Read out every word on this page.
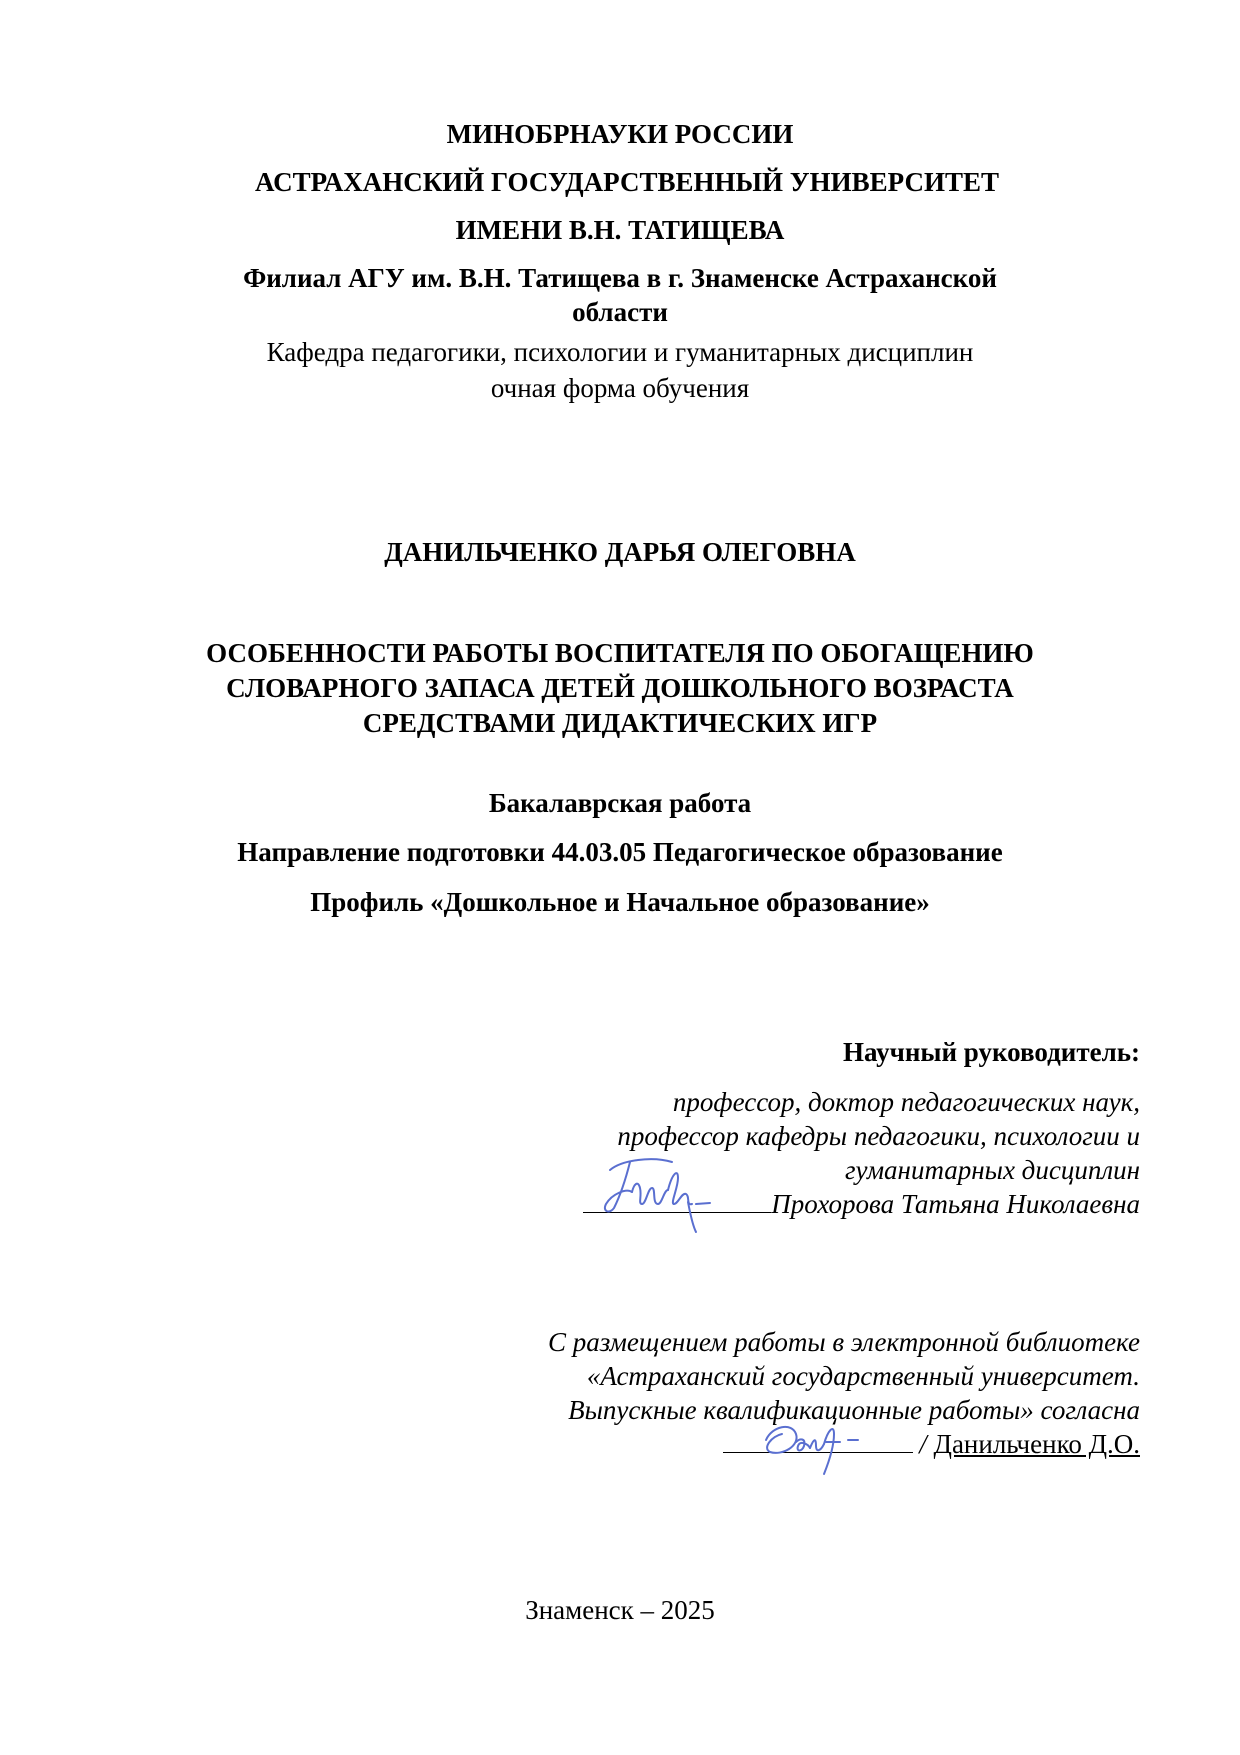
МИНОБРНАУКИ РОССИИ

АСТРАХАНСКИЙ ГОСУДАРСТВЕННЫЙ УНИВЕРСИТЕТ

ИМЕНИ В.Н. ТАТИЩЕВА

Филиал АГУ им. В.Н. Татищева в г. Знаменске Астраханской

области

Кафедра педагогики, психологии и гуманитарных дисциплин

очная форма обучения

ДАНИЛЬЧЕНКО ДАРЬЯ ОЛЕГОВНА

ОСОБЕННОСТИ РАБОТЫ ВОСПИТАТЕЛЯ ПО ОБОГАЩЕНИЮ

СЛОВАРНОГО ЗАПАСА ДЕТЕЙ ДОШКОЛЬНОГО ВОЗРАСТА

СРЕДСТВАМИ ДИДАКТИЧЕСКИХ ИГР

Бакалаврская работа

Направление подготовки 44.03.05 Педагогическое образование

Профиль «Дошкольное и Начальное образование»

Научный руководитель:

профессор, доктор педагогических наук,

профессор кафедры педагогики, психологии и

гуманитарных дисциплин

Прохорова Татьяна Николаевна

С размещением работы в электронной библиотеке

«Астраханский государственный университет.

Выпускные квалификационные работы» согласна

/ Данильченко Д.О.

Знаменск – 2025
